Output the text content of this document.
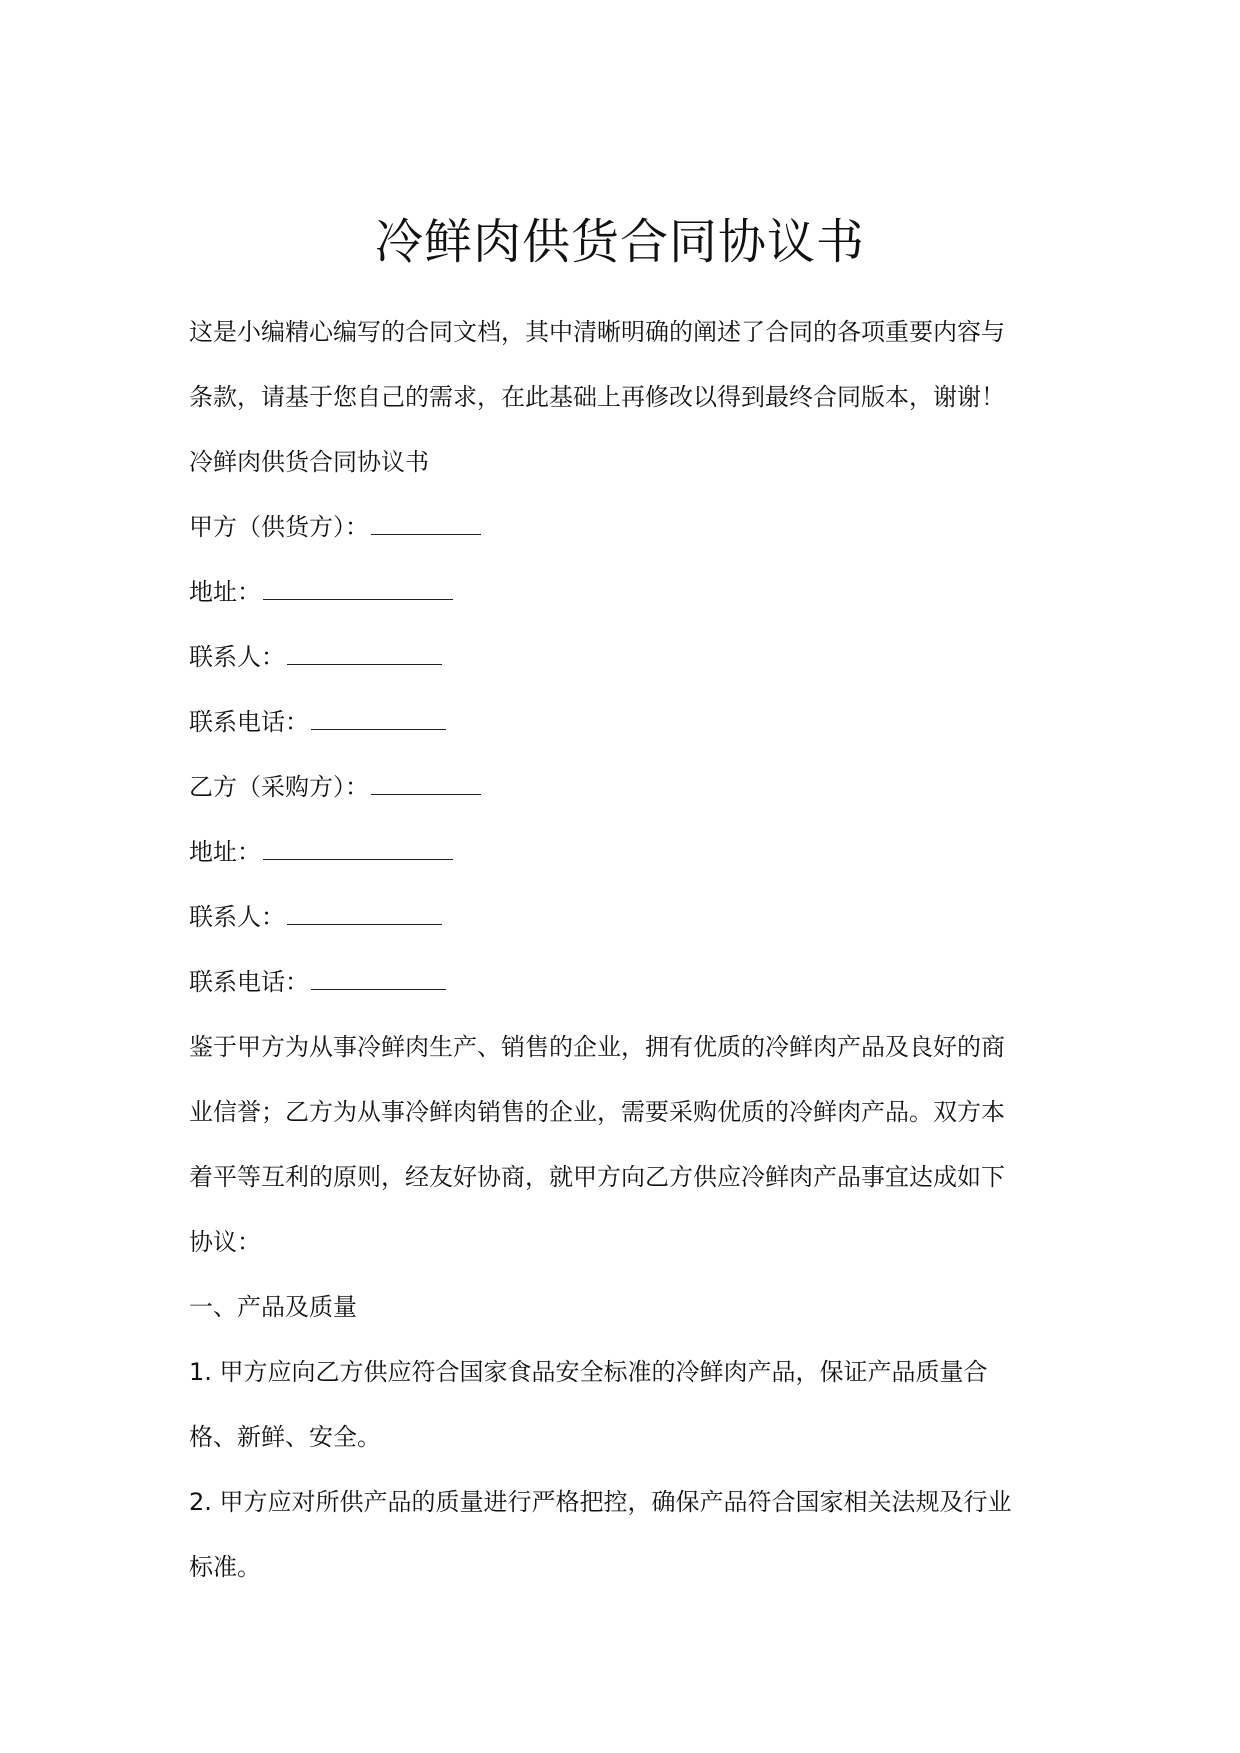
冷鲜肉供货合同协议书
这是小编精心编写的合同文档，其中清晰明确的阐述了合同的各项重要内容与
条款，请基于您自己的需求，在此基础上再修改以得到最终合同版本，谢谢！
冷鲜肉供货合同协议书
甲方（供货方）：
地址：
联系人：
联系电话：
乙方（采购方）：
地址：
联系人：
联系电话：
鉴于甲方为从事冷鲜肉生产、销售的企业，拥有优质的冷鲜肉产品及良好的商
业信誉；乙方为从事冷鲜肉销售的企业，需要采购优质的冷鲜肉产品。双方本
着平等互利的原则，经友好协商，就甲方向乙方供应冷鲜肉产品事宜达成如下
协议：
一、产品及质量
1. 甲方应向乙方供应符合国家食品安全标准的冷鲜肉产品，保证产品质量合
格、新鲜、安全。
2. 甲方应对所供产品的质量进行严格把控，确保产品符合国家相关法规及行业
标准。
